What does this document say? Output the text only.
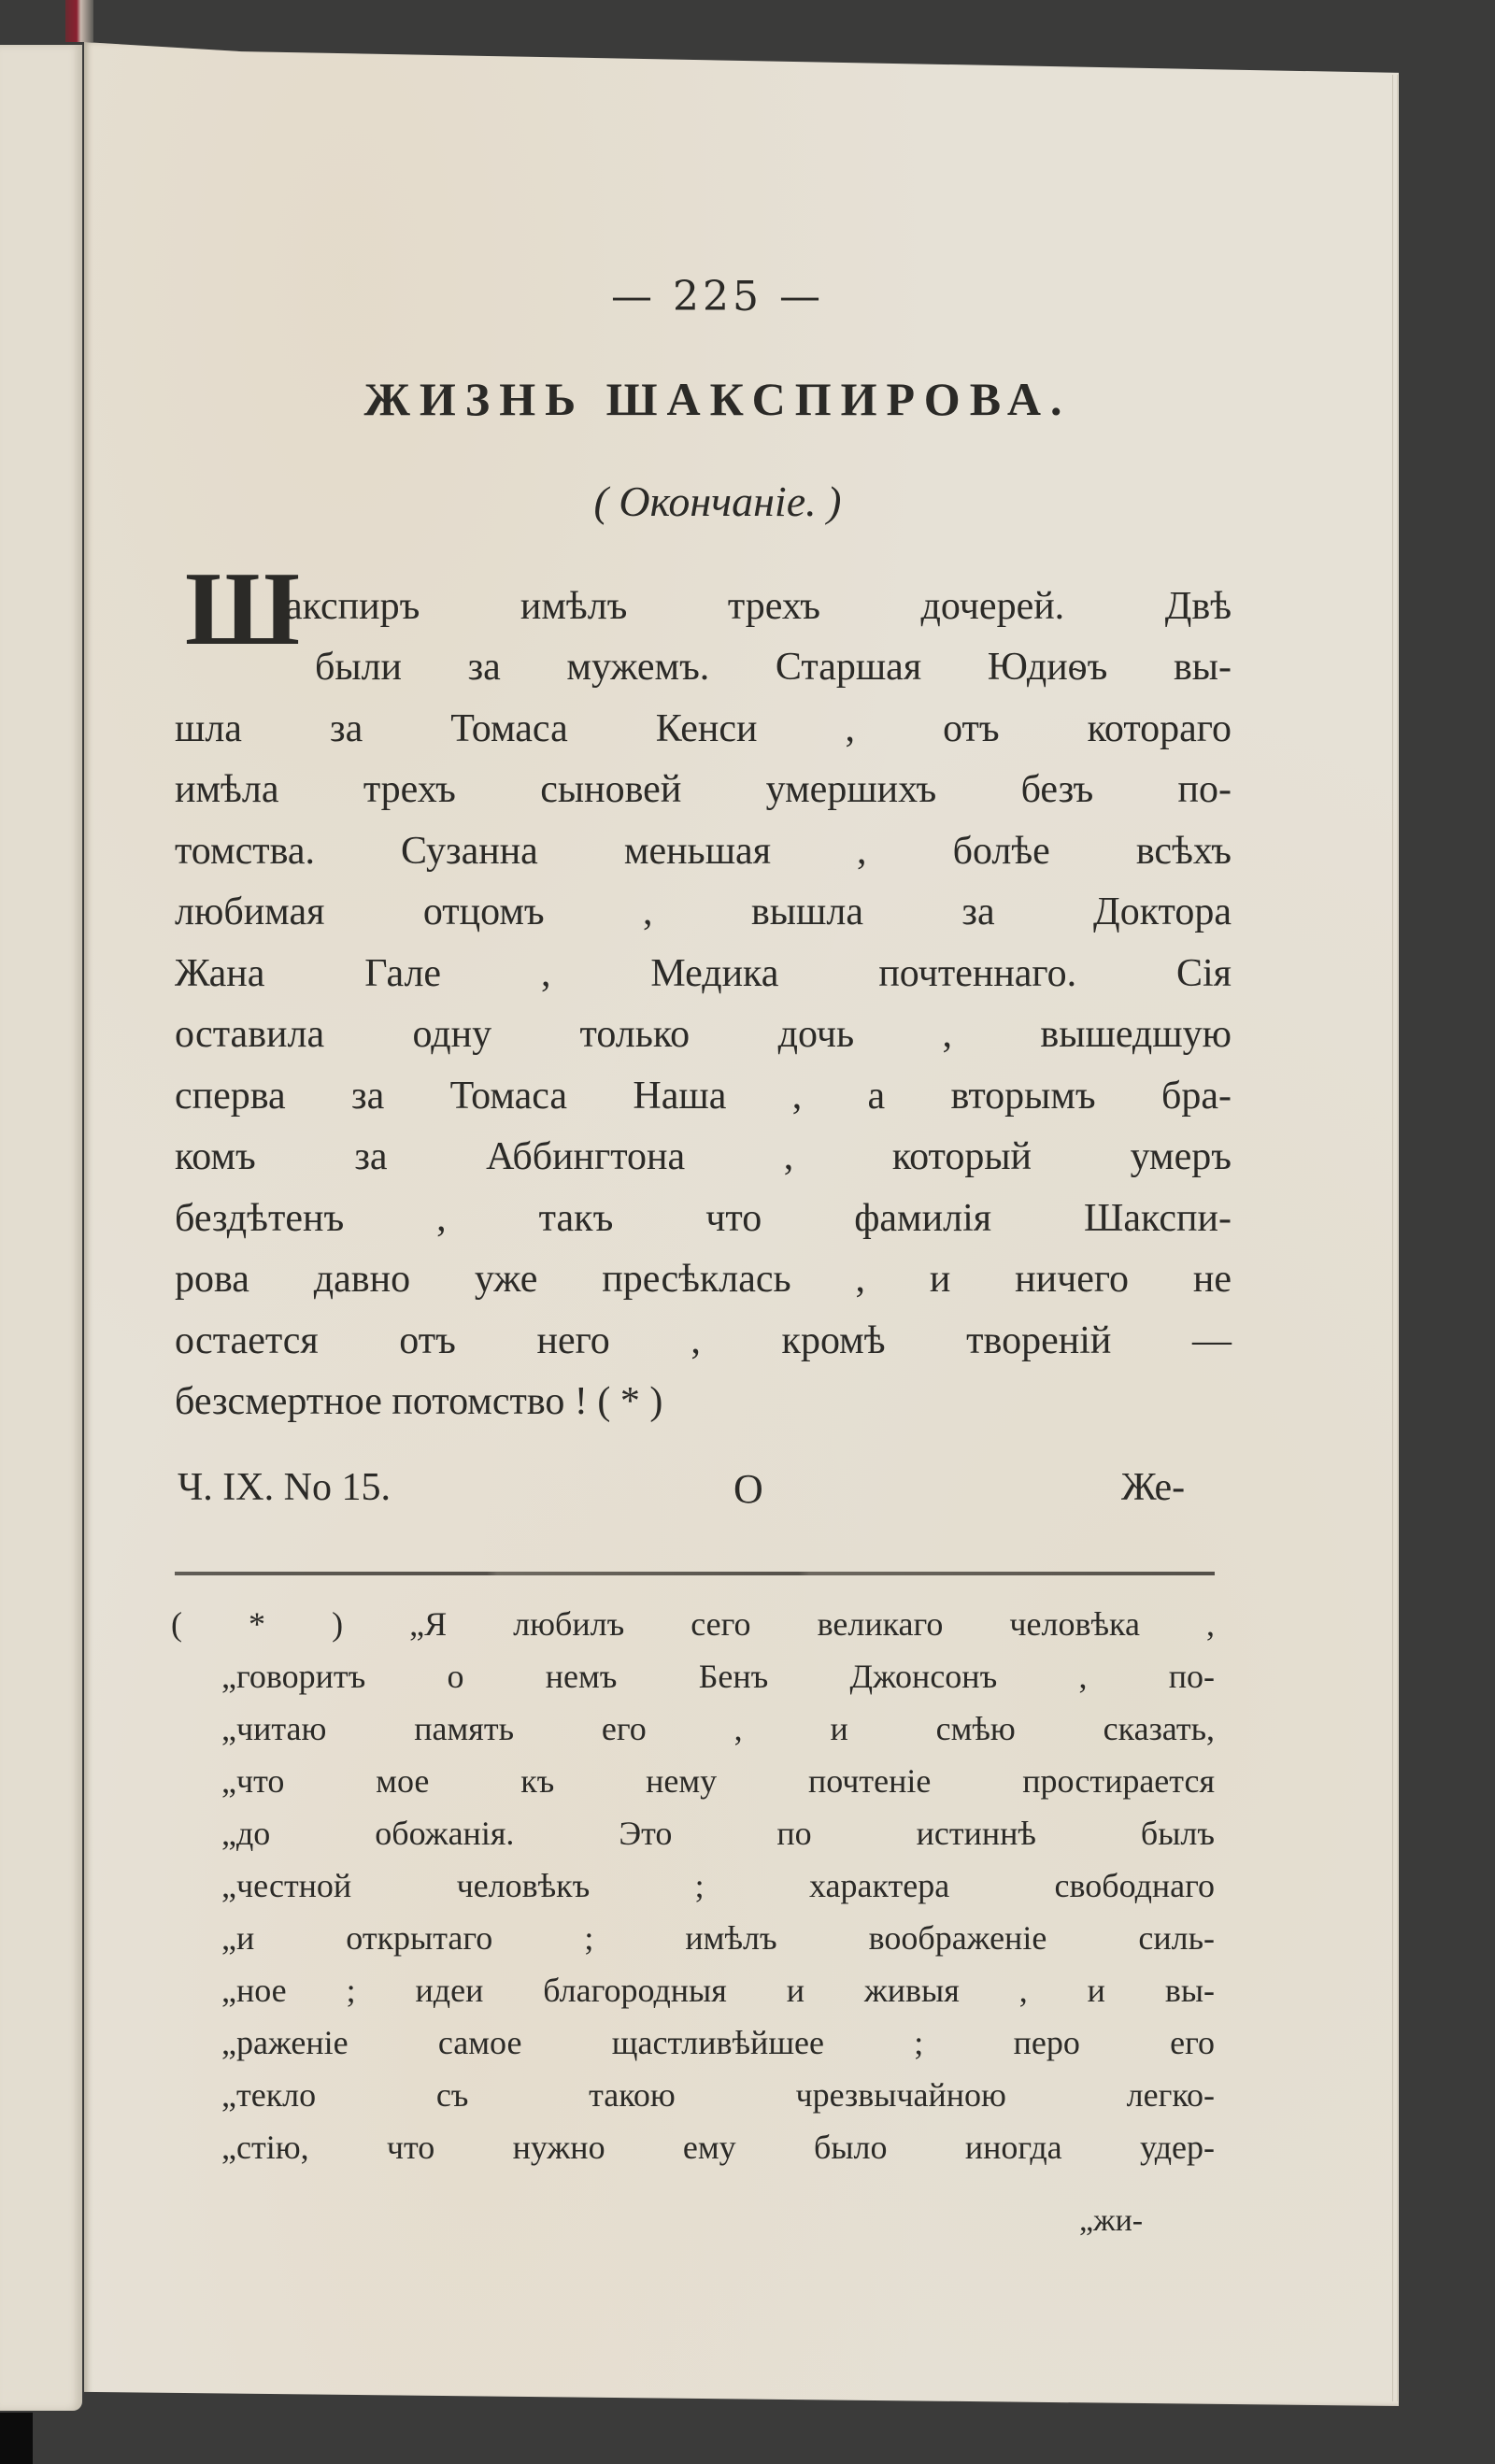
— 225 —
ЖИЗНЬ ШАКСПИРОВА.
( Окончаніе. )
Ш
акспиръ имѣлъ трехъ дочерей. Двѣ
были за мужемъ. Старшая Юдиѳъ вы-
шла за Томаса Кенси , отъ котораго
имѣла трехъ сыновей умершихъ безъ по-
томства. Сузанна меньшая , болѣе всѣхъ
любимая отцомъ , вышла за Доктора
Жана Гале , Медика почтеннаго. Сія
оставила одну только дочь , вышедшую
сперва за Томаса Наша , а вторымъ бра-
комъ за Аббингтона , который умеръ
бездѣтенъ , такъ что фамилія Шакспи-
рова давно уже пресѣклась , и ничего не
остается отъ него , кромѣ твореній —
безсмертное потомство ! ( * )
Ч. IX. No 15.	О	Же-
( * ) „Я любилъ сего великаго человѣка ,
„говоритъ о немъ Бенъ Джонсонъ , по-
„читаю память его , и смѣю сказать,
„что мое къ нему почтеніе простирается
„до обожанія. Это по истиннѣ былъ
„честной человѣкъ ; характера свободнаго
„и открытаго ; имѣлъ воображеніе силь-
„ное ; идеи благородныя и живыя , и вы-
„раженіе самое щастливѣйшее ; перо его
„текло съ такою чрезвычайною легко-
„стію, что нужно ему было иногда удер-
„жи-
